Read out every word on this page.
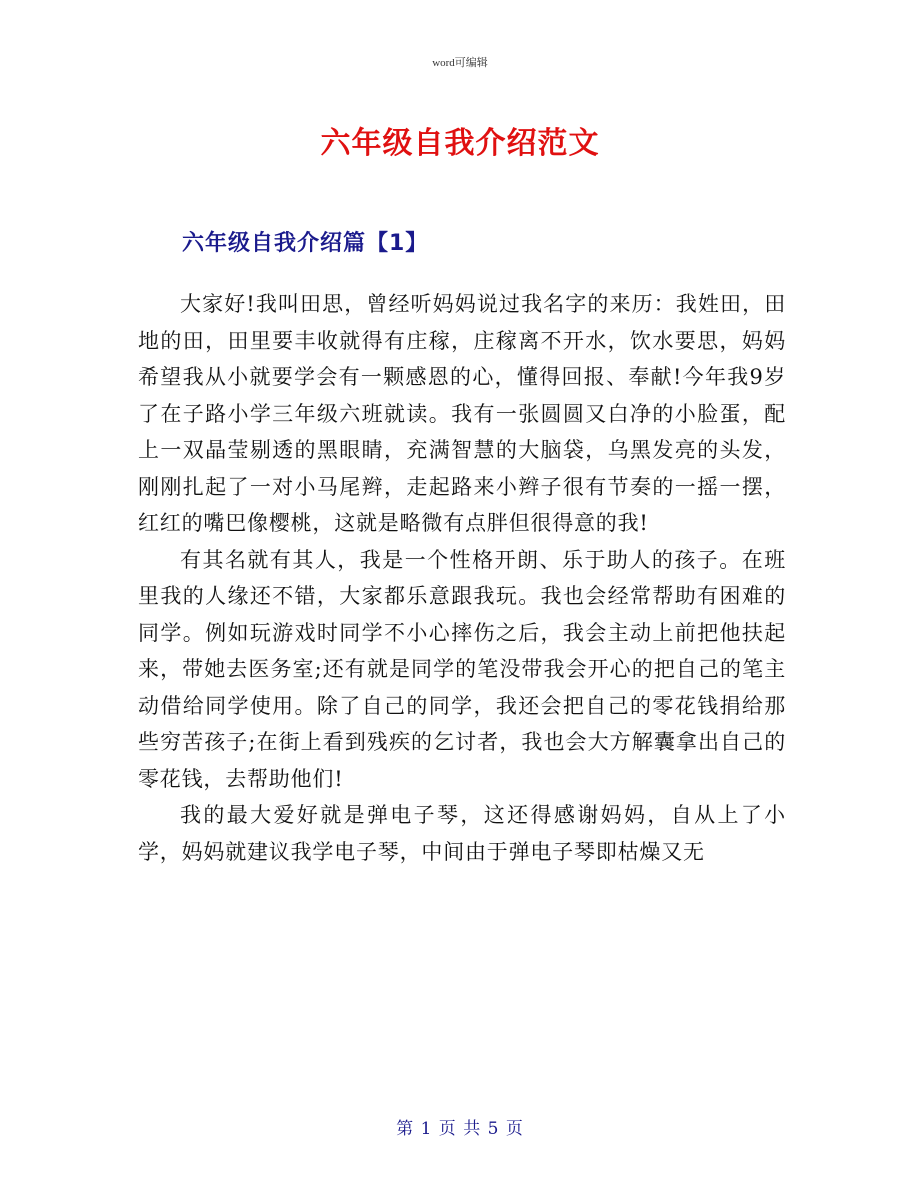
word可编辑
六年级自我介绍范文
六年级自我介绍篇【1】

大家好!我叫田思，曾经听妈妈说过我名字的来历：我姓田，田地的田，田里要丰收就得有庄稼，庄稼离不开水，饮水要思，妈妈希望我从小就要学会有一颗感恩的心，懂得回报、奉献!今年我9岁了在子路小学三年级六班就读。我有一张圆圆又白净的小脸蛋，配上一双晶莹剔透的黑眼睛，充满智慧的大脑袋，乌黑发亮的头发，刚刚扎起了一对小马尾辫，走起路来小辫子很有节奏的一摇一摆，红红的嘴巴像樱桃，这就是略微有点胖但很得意的我!

有其名就有其人，我是一个性格开朗、乐于助人的孩子。在班里我的人缘还不错，大家都乐意跟我玩。我也会经常帮助有困难的同学。例如玩游戏时同学不小心摔伤之后，我会主动上前把他扶起来，带她去医务室;还有就是同学的笔没带我会开心的把自己的笔主动借给同学使用。除了自己的同学，我还会把自己的零花钱捐给那些穷苦孩子;在街上看到残疾的乞讨者，我也会大方解囊拿出自己的零花钱，去帮助他们!

我的最大爱好就是弹电子琴，这还得感谢妈妈，自从上了小学，妈妈就建议我学电子琴，中间由于弹电子琴即枯燥又无

第 1 页 共 5 页
